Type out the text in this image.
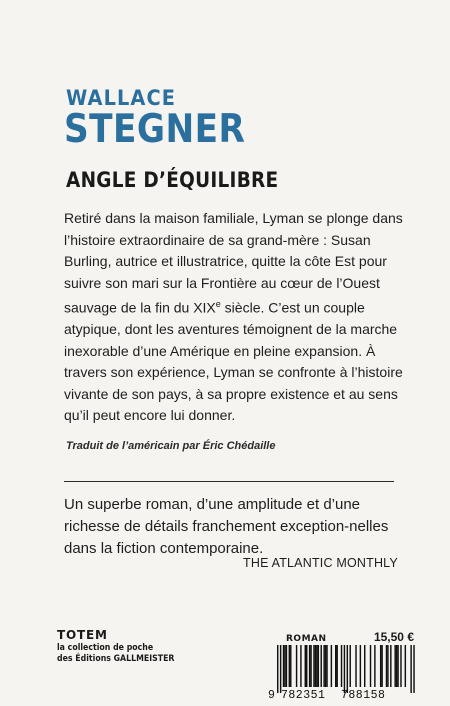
WALLACE
STEGNER
ANGLE D’ÉQUILIBRE

Retiré dans la maison familiale, Lyman se plonge dans l’histoire extraordinaire de sa grand-mère : Susan Burling, autrice et illustratrice, quitte la côte Est pour suivre son mari sur la Frontière au cœur de l’Ouest sauvage de la fin du XIXe siècle. C’est un couple atypique, dont les aventures témoignent de la marche inexorable d’une Amérique en pleine expansion. À travers son expérience, Lyman se confronte à l’histoire vivante de son pays, à sa propre existence et au sens qu’il peut encore lui donner.

Traduit de l’américain par Éric Chédaille

Un superbe roman, d’une amplitude et d’une richesse de détails franchement exception-nelles dans la fiction contemporaine.

THE ATLANTIC MONTHLY
TOTEM
la collection de poche
des Éditions GALLMEISTER
ROMAN	15,50 €
9 782351	788158
